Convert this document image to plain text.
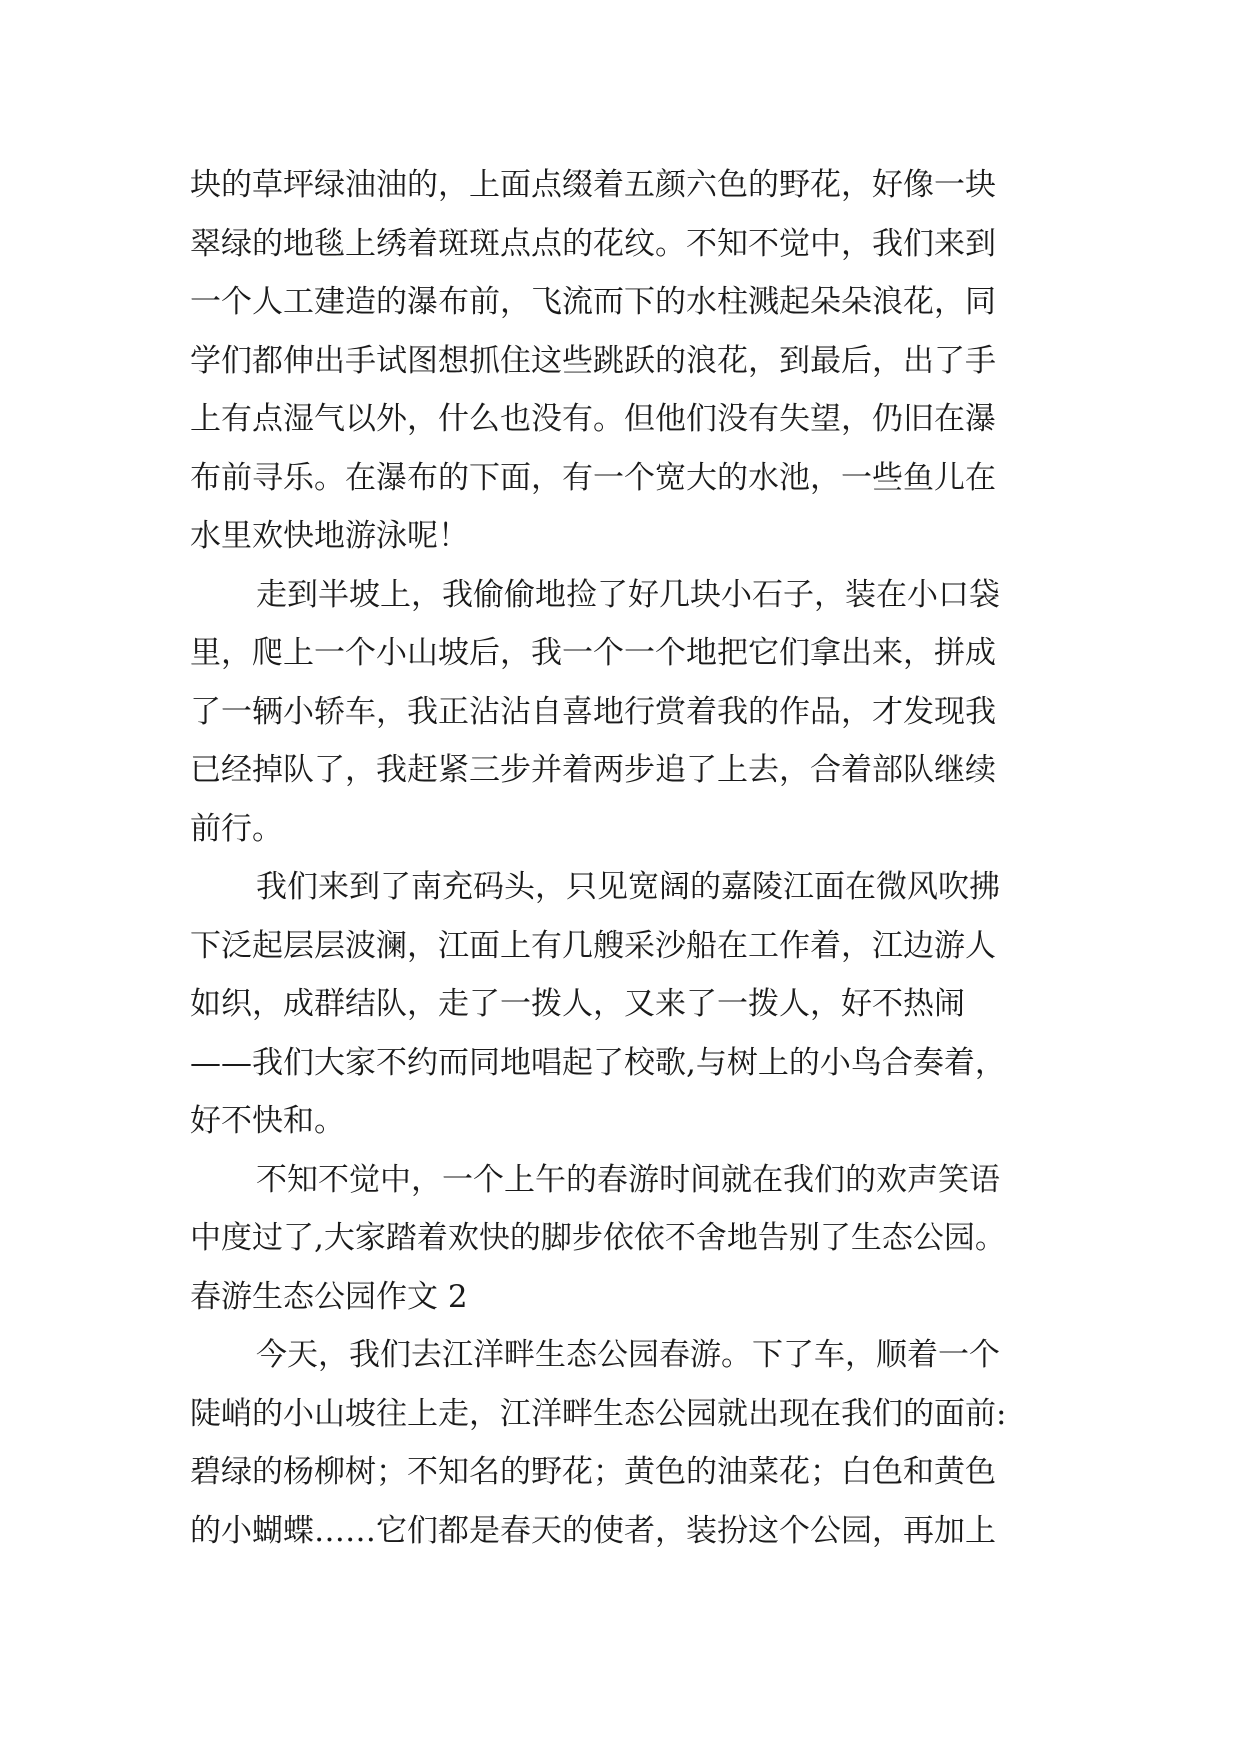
块的草坪绿油油的，上面点缀着五颜六色的野花，好像一块
翠绿的地毯上绣着斑斑点点的花纹。不知不觉中，我们来到
一个人工建造的瀑布前，飞流而下的水柱溅起朵朵浪花，同
学们都伸出手试图想抓住这些跳跃的浪花，到最后，出了手
上有点湿气以外，什么也没有。但他们没有失望，仍旧在瀑
布前寻乐。在瀑布的下面，有一个宽大的水池，一些鱼儿在
水里欢快地游泳呢！
走到半坡上，我偷偷地捡了好几块小石子，装在小口袋
里，爬上一个小山坡后，我一个一个地把它们拿出来，拼成
了一辆小轿车，我正沾沾自喜地行赏着我的作品，才发现我
已经掉队了，我赶紧三步并着两步追了上去，合着部队继续
前行。
我们来到了南充码头，只见宽阔的嘉陵江面在微风吹拂
下泛起层层波澜，江面上有几艘采沙船在工作着，江边游人
如织，成群结队，走了一拨人，又来了一拨人，好不热闹
——我们大家不约而同地唱起了校歌,与树上的小鸟合奏着，
好不快和。
不知不觉中，一个上午的春游时间就在我们的欢声笑语
中度过了,大家踏着欢快的脚步依依不舍地告别了生态公园。
春游生态公园作文 2
今天，我们去江洋畔生态公园春游。下了车，顺着一个
陡峭的小山坡往上走，江洋畔生态公园就出现在我们的面前:
碧绿的杨柳树；不知名的野花；黄色的油菜花；白色和黄色
的小蝴蝶……它们都是春天的使者，装扮这个公园，再加上
